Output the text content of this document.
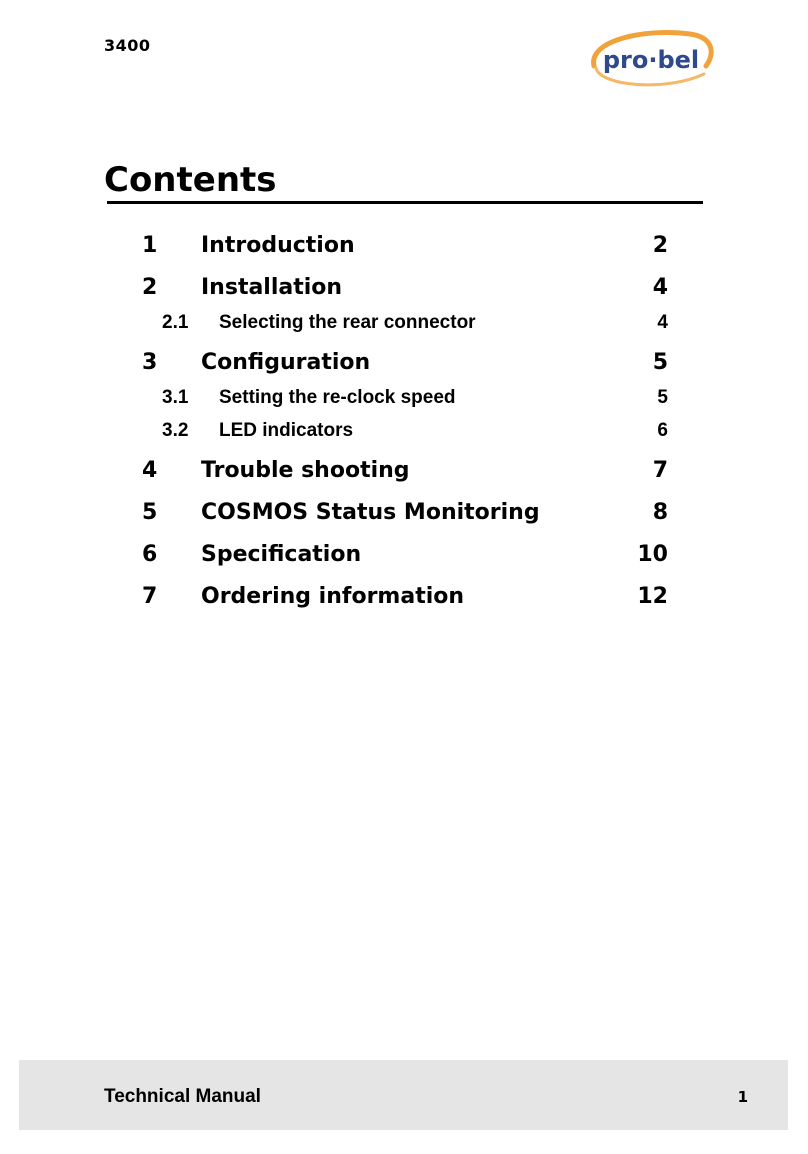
3400
pro·bel
Contents
1 Introduction	2
2 Installation	4
2.1 Selecting the rear connector	4
3 Configuration	5
3.1 Setting the re-clock speed	5
3.2 LED indicators	6
4 Trouble shooting	7
5 COSMOS Status Monitoring	8
6 Specification	10
7 Ordering information	12
Technical Manual	1
